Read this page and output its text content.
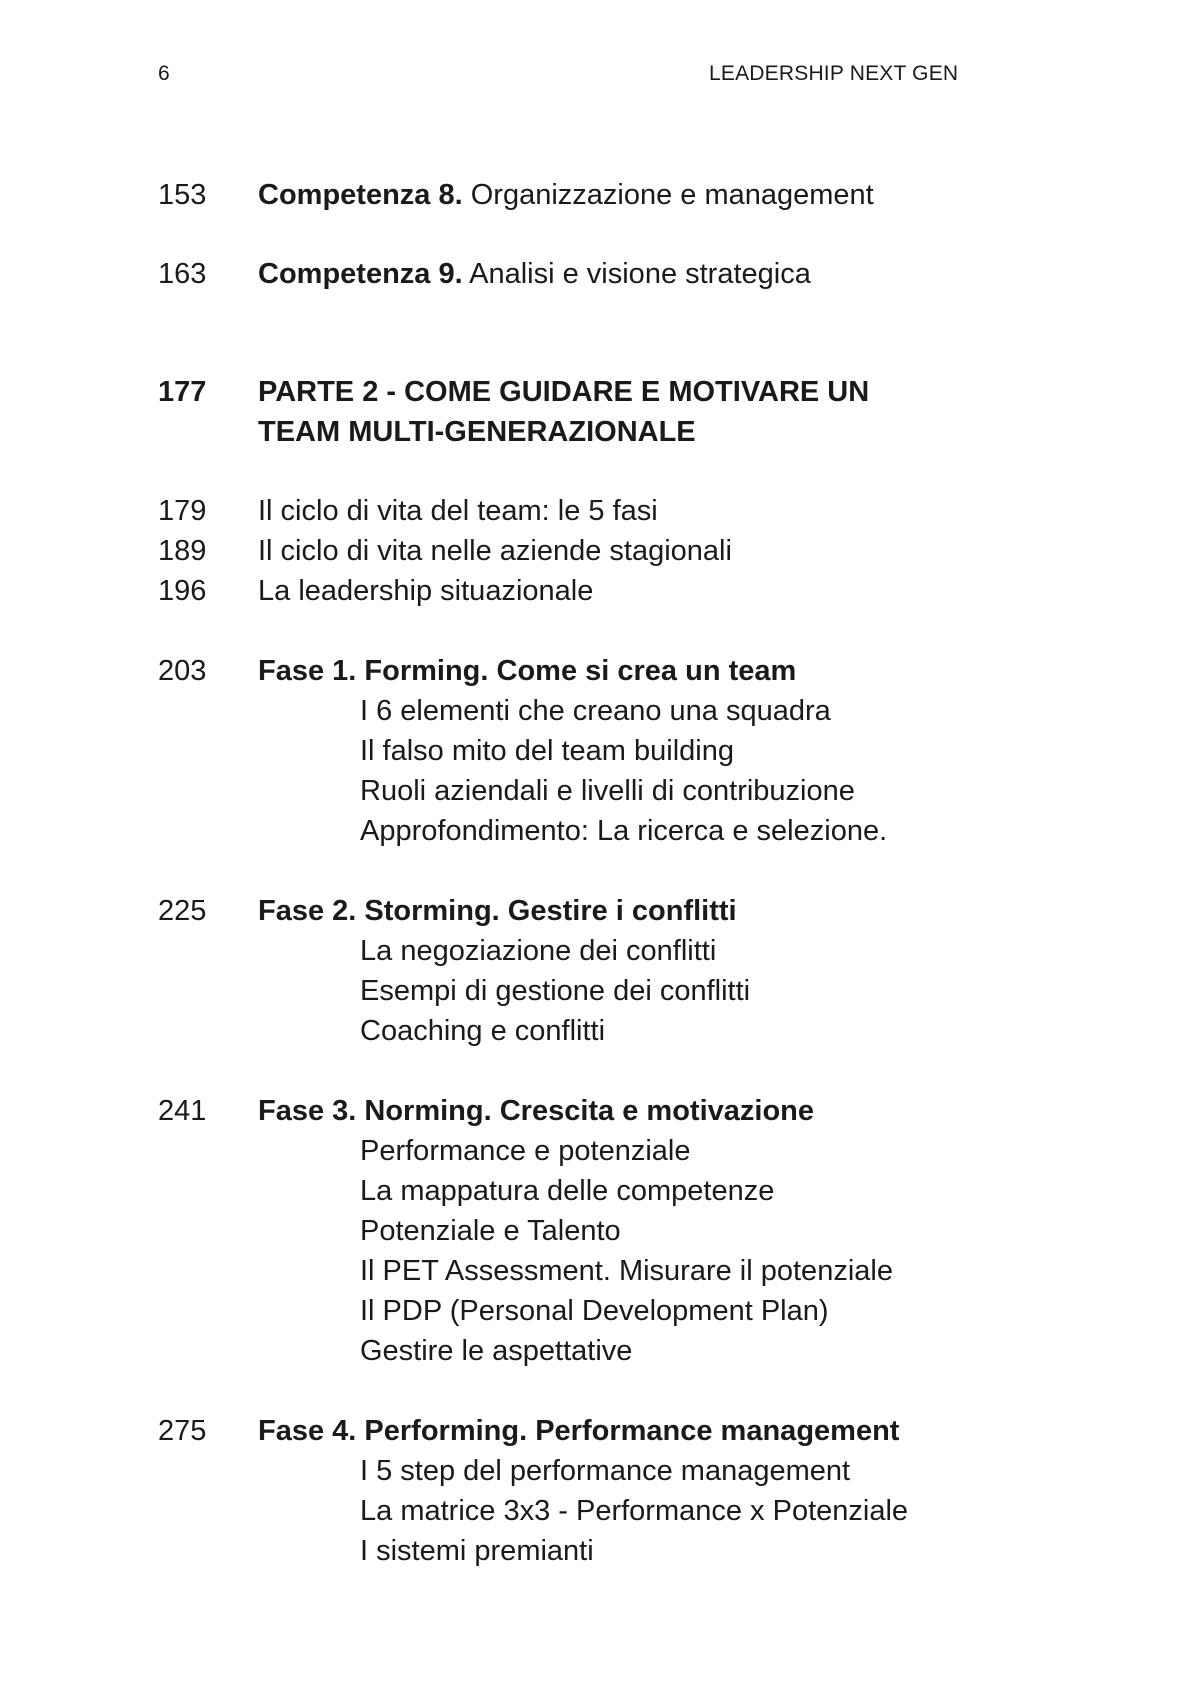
6	LEADERSHIP NEXT GEN
153 Competenza 8. Organizzazione e management
163 Competenza 9. Analisi e visione strategica
177 PARTE 2 - COME GUIDARE E MOTIVARE UN
TEAM MULTI-GENERAZIONALE
179 Il ciclo di vita del team: le 5 fasi
189 Il ciclo di vita nelle aziende stagionali
196 La leadership situazionale
203 Fase 1. Forming. Come si crea un team
I 6 elementi che creano una squadra
Il falso mito del team building
Ruoli aziendali e livelli di contribuzione
Approfondimento: La ricerca e selezione.
225 Fase 2. Storming. Gestire i conflitti
La negoziazione dei conflitti
Esempi di gestione dei conflitti
Coaching e conflitti
241 Fase 3. Norming. Crescita e motivazione
Performance e potenziale
La mappatura delle competenze
Potenziale e Talento
Il PET Assessment. Misurare il potenziale
Il PDP (Personal Development Plan)
Gestire le aspettative
275 Fase 4. Performing. Performance management
I 5 step del performance management
La matrice 3x3 - Performance x Potenziale
I sistemi premianti
